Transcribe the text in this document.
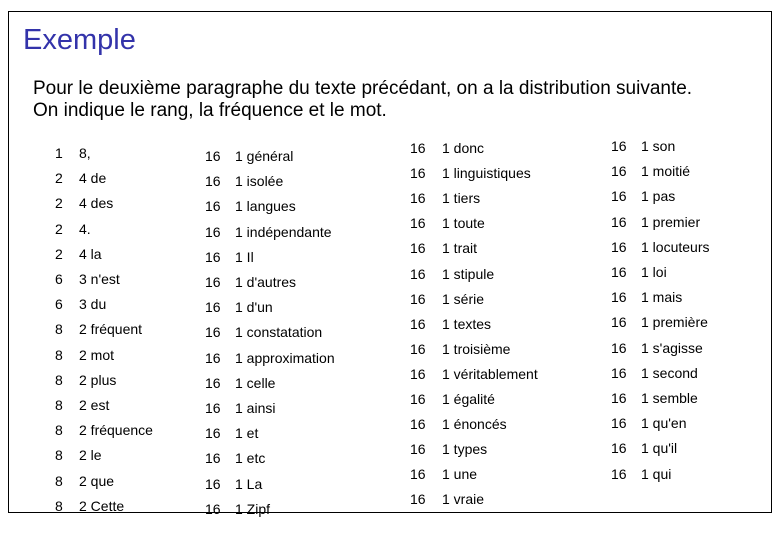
Exemple
Pour le deuxième paragraphe du texte précédant, on a la distribution suivante.
On indique le rang, la fréquence et le mot.
1 8,
2 4 de
2 4 des
2 4.
2 4 la
6 3 n'est
6 3 du
8 2 fréquent
8 2 mot
8 2 plus
8 2 est
8 2 fréquence
8 2 le
8 2 que
8 2 Cette
16 1 général
16 1 isolée
16 1 langues
16 1 indépendante
16 1 Il
16 1 d'autres
16 1 d'un
16 1 constatation
16 1 approximation
16 1 celle
16 1 ainsi
16 1 et
16 1 etc
16 1 La
16 1 Zipf
16 1 donc
16 1 linguistiques
16 1 tiers
16 1 toute
16 1 trait
16 1 stipule
16 1 série
16 1 textes
16 1 troisième
16 1 véritablement
16 1 égalité
16 1 énoncés
16 1 types
16 1 une
16 1 vraie
16 1 son
16 1 moitié
16 1 pas
16 1 premier
16 1 locuteurs
16 1 loi
16 1 mais
16 1 première
16 1 s'agisse
16 1 second
16 1 semble
16 1 qu'en
16 1 qu'il
16 1 qui
